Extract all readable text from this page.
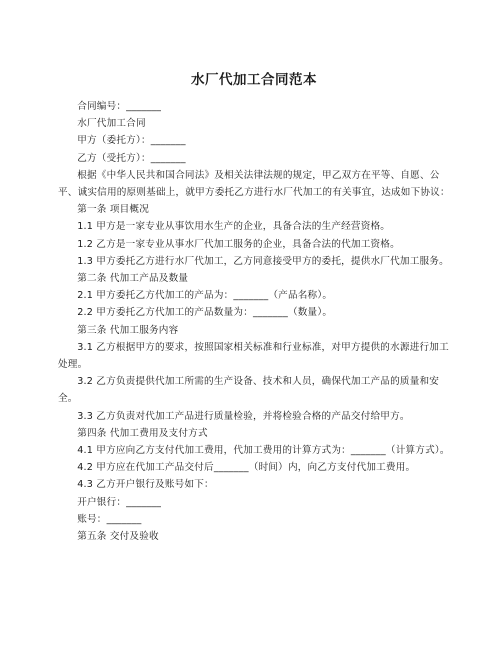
水厂代加工合同范本

合同编号：_______

水厂代加工合同

甲方（委托方）：_______

乙方（受托方）：_______

根据《中华人民共和国合同法》及相关法律法规的规定，甲乙双方在平等、自愿、公平、诚实信用的原则基础上，就甲方委托乙方进行水厂代加工的有关事宜，达成如下协议：

第一条 项目概况

1.1 甲方是一家专业从事饮用水生产的企业，具备合法的生产经营资格。

1.2 乙方是一家专业从事水厂代加工服务的企业，具备合法的代加工资格。

1.3 甲方委托乙方进行水厂代加工，乙方同意接受甲方的委托，提供水厂代加工服务。

第二条 代加工产品及数量

2.1 甲方委托乙方代加工的产品为：_______（产品名称）。

2.2 甲方委托乙方代加工的产品数量为：_______（数量）。

第三条 代加工服务内容

3.1 乙方根据甲方的要求，按照国家相关标准和行业标准，对甲方提供的水源进行加工处理。

3.2 乙方负责提供代加工所需的生产设备、技术和人员，确保代加工产品的质量和安全。

3.3 乙方负责对代加工产品进行质量检验，并将检验合格的产品交付给甲方。

第四条 代加工费用及支付方式

4.1 甲方应向乙方支付代加工费用，代加工费用的计算方式为：_______（计算方式）。

4.2 甲方应在代加工产品交付后_______（时间）内，向乙方支付代加工费用。

4.3 乙方开户银行及账号如下：

开户银行：_______

账号：_______

第五条 交付及验收
